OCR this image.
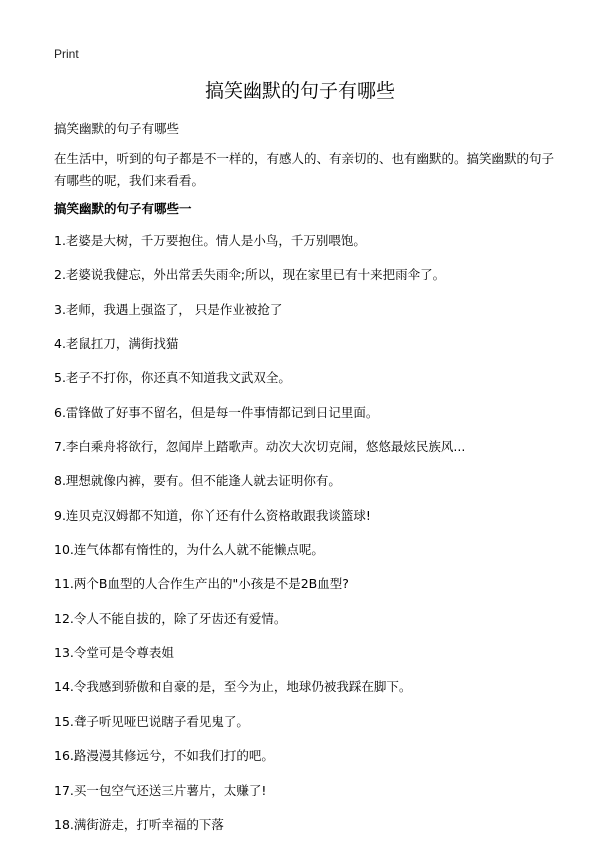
Print
搞笑幽默的句子有哪些
搞笑幽默的句子有哪些

在生活中，听到的句子都是不一样的，有感人的、有亲切的、也有幽默的。搞笑幽默的句子有哪些的呢，我们来看看。

搞笑幽默的句子有哪些一
1.老婆是大树，千万要抱住。情人是小鸟，千万别喂饱。
2.老婆说我健忘，外出常丢失雨伞;所以，现在家里已有十来把雨伞了。
3.老师，我遇上强盗了， 只是作业被抢了
4.老鼠扛刀，满街找猫
5.老子不打你，你还真不知道我文武双全。
6.雷锋做了好事不留名，但是每一件事情都记到日记里面。
7.李白乘舟将欲行，忽闻岸上踏歌声。动次大次切克闹，悠悠最炫民族风...
8.理想就像内裤，要有。但不能逢人就去证明你有。
9.连贝克汉姆都不知道，你丫还有什么资格敢跟我谈篮球!
10.连气体都有惰性的，为什么人就不能懒点呢。
11.两个B血型的人合作生产出的"小孩是不是2B血型?
12.令人不能自拔的，除了牙齿还有爱情。
13.令堂可是令尊表姐
14.令我感到骄傲和自豪的是，至今为止，地球仍被我踩在脚下。
15.聋子听见哑巴说瞎子看见鬼了。
16.路漫漫其修远兮，不如我们打的吧。
17.买一包空气还送三片薯片，太赚了!
18.满街游走，打听幸福的下落
